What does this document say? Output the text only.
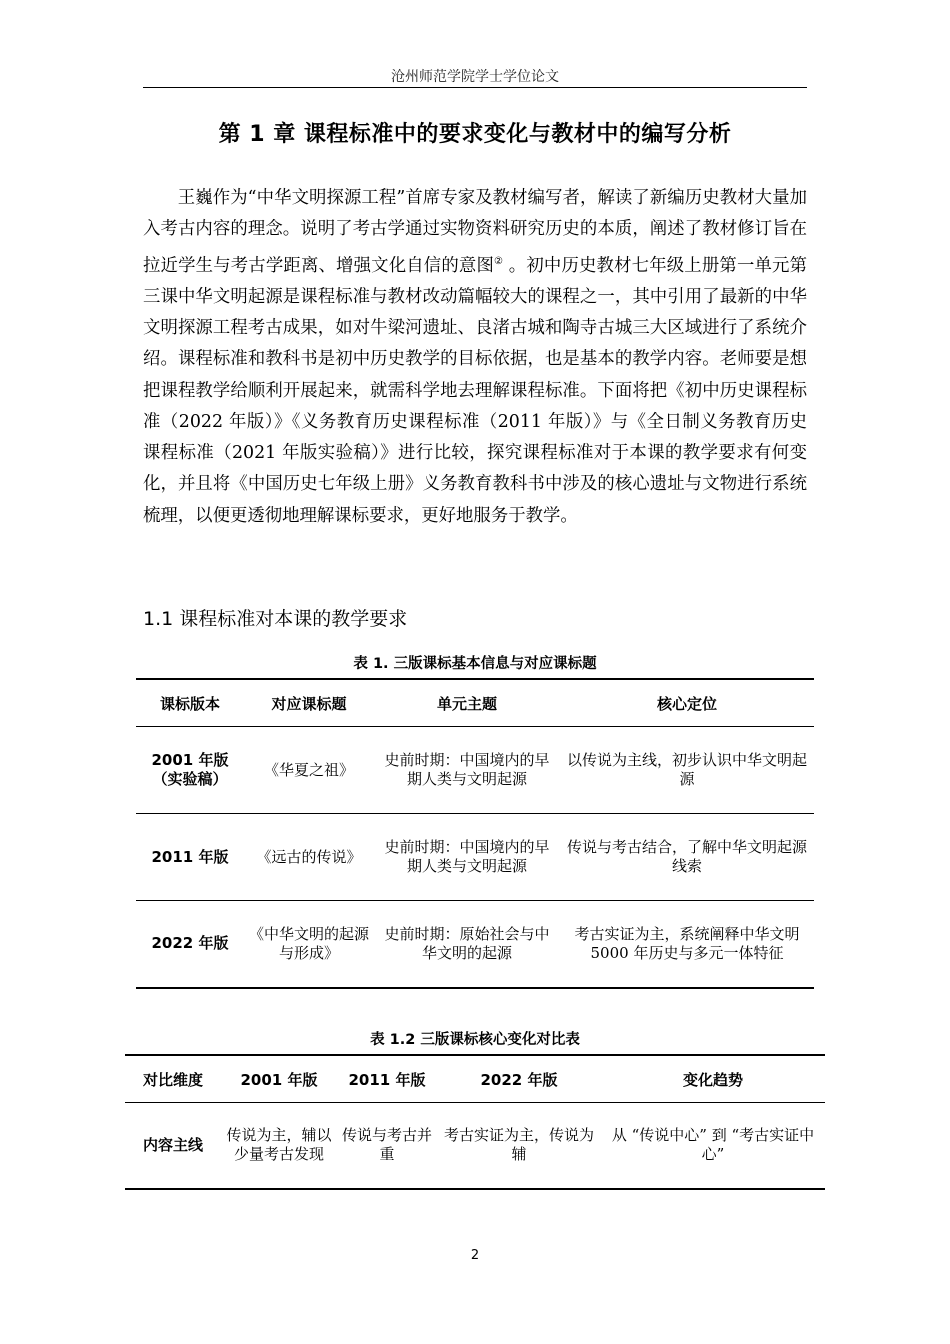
沧州师范学院学士学位论文
第 1 章 课程标准中的要求变化与教材中的编写分析

王巍作为“中华文明探源工程”首席专家及教材编写者，解读了新编历史教材大量加入考古内容的理念。说明了考古学通过实物资料研究历史的本质，阐述了教材修订旨在拉近学生与考古学距离、增强文化自信的意图② 。初中历史教材七年级上册第一单元第三课中华文明起源是课程标准与教材改动篇幅较大的课程之一，其中引用了最新的中华文明探源工程考古成果，如对牛梁河遗址、良渚古城和陶寺古城三大区域进行了系统介绍。课程标准和教科书是初中历史教学的目标依据，也是基本的教学内容。老师要是想把课程教学给顺利开展起来，就需科学地去理解课程标准。下面将把《初中历史课程标准（2022 年版）》《义务教育历史课程标准（2011 年版）》与《全日制义务教育历史课程标准（2021 年版实验稿）》进行比较，探究课程标准对于本课的教学要求有何变化，并且将《中国历史七年级上册》义务教育教科书中涉及的核心遗址与文物进行系统梳理，以便更透彻地理解课标要求，更好地服务于教学。

1.1 课程标准对本课的教学要求
表 1. 三版课标基本信息与对应课标题
课标版本	对应课标题	单元主题	核心定位
2001 年版
（实验稿）	《华夏之祖》	史前时期：中国境内的早期人类与文明起源	以传说为主线，初步认识中华文明起源
2011 年版	《远古的传说》	史前时期：中国境内的早期人类与文明起源	传说与考古结合，了解中华文明起源线索
2022 年版	《中华文明的起源与形成》	史前时期：原始社会与中华文明的起源	考古实证为主，系统阐释中华文明 5000 年历史与多元一体特征
表 1.2 三版课标核心变化对比表
对比维度	2001 年版	2011 年版	2022 年版	变化趋势
内容主线	传说为主，辅以少量考古发现	传说与考古并重	考古实证为主，传说为辅	从 “传说中心” 到 “考古实证中心”
2
